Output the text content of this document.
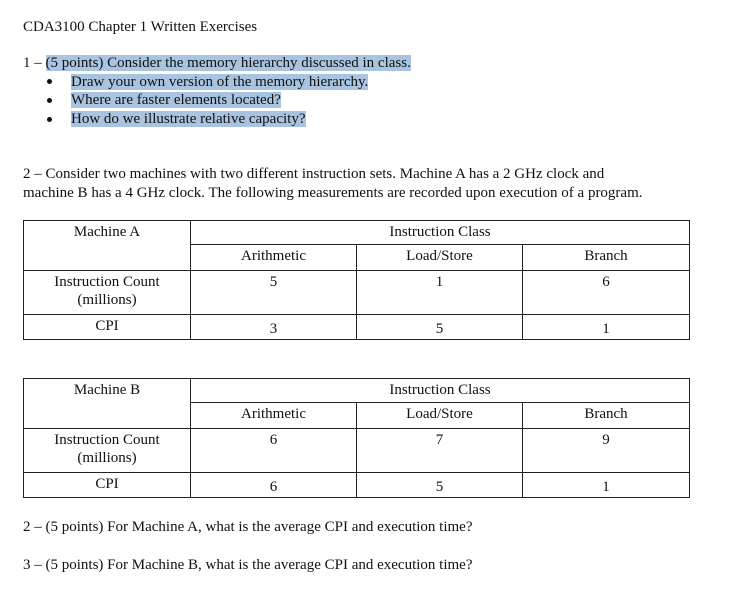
CDA3100 Chapter 1 Written Exercises
1 – (5 points) Consider the memory hierarchy discussed in class.
Draw your own version of the memory hierarchy.
Where are faster elements located?
How do we illustrate relative capacity?
2 – Consider two machines with two different instruction sets. Machine A has a 2 GHz clock and
machine B has a 4 GHz clock. The following measurements are recorded upon execution of a program.
Machine A	Instruction Class		
	Arithmetic	Load/Store	Branch

Instruction Count
(millions)	5	1	6
CPI	3	5	1
Machine B	Instruction Class		
	Arithmetic	Load/Store	Branch

Instruction Count
(millions)	6	7	9
CPI	6	5	1
2 – (5 points) For Machine A, what is the average CPI and execution time?
3 – (5 points) For Machine B, what is the average CPI and execution time?
